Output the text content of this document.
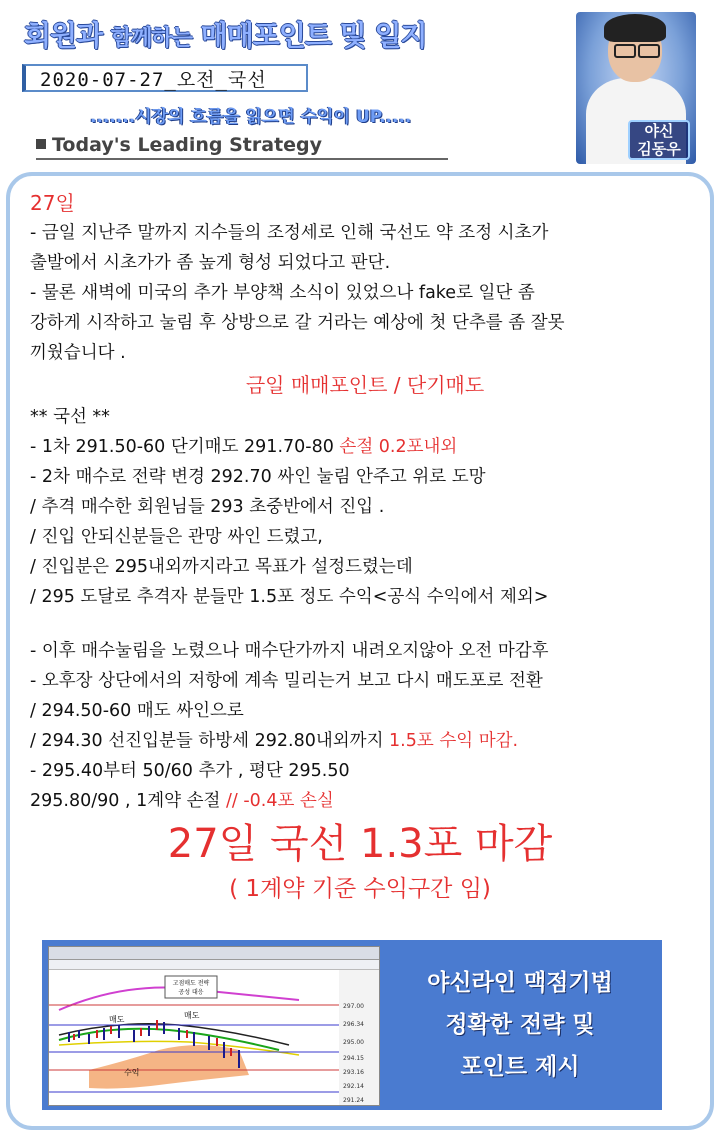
회원과 함께하는 매매포인트 및 일지
2020-07-27_오전_국선
.......시장의 흐름을 읽으면 수익이 UP.....
Today's Leading Strategy
야신
김동우
27일
- 금일 지난주 말까지 지수들의 조정세로 인해 국선도 약 조정 시초가
출발에서 시초가가 좀 높게 형성 되었다고 판단.
- 물론 새벽에 미국의 추가 부양책 소식이 있었으나 fake로 일단 좀
강하게 시작하고 눌림 후 상방으로 갈 거라는 예상에 첫 단추를 좀 잘못
끼웠습니다 .
금일 매매포인트 / 단기매도
** 국선 **
- 1차 291.50-60 단기매도 291.70-80 손절 0.2포내외
- 2차 매수로 전략 변경 292.70 싸인 눌림 안주고 위로 도망
/ 추격 매수한 회원님들 293 초중반에서 진입 .
/ 진입 안되신분들은 관망 싸인 드렸고,
/ 진입분은 295내외까지라고 목표가 설정드렸는데
/ 295 도달로 추격자 분들만 1.5포 정도 수익<공식 수익에서 제외>
- 이후 매수눌림을 노렸으나 매수단가까지 내려오지않아 오전 마감후
- 오후장 상단에서의 저항에 계속 밀리는거 보고 다시 매도포로 전환
/ 294.50-60 매도 싸인으로
/ 294.30 선진입분들 하방세 292.80내외까지 1.5포 수익 마감.
- 295.40부터 50/60 추가 , 평단 295.50
295.80/90 , 1계약 손절 // -0.4포 손실
27일 국선 1.3포 마감
( 1계약 기준 수익구간 임)
고점매도 전략
공성 대응
매도	매도
수익
297.00
296.34
295.00
294.15
293.16
292.14
291.24
야신라인 맥점기법
정확한 전략 및
포인트 제시
